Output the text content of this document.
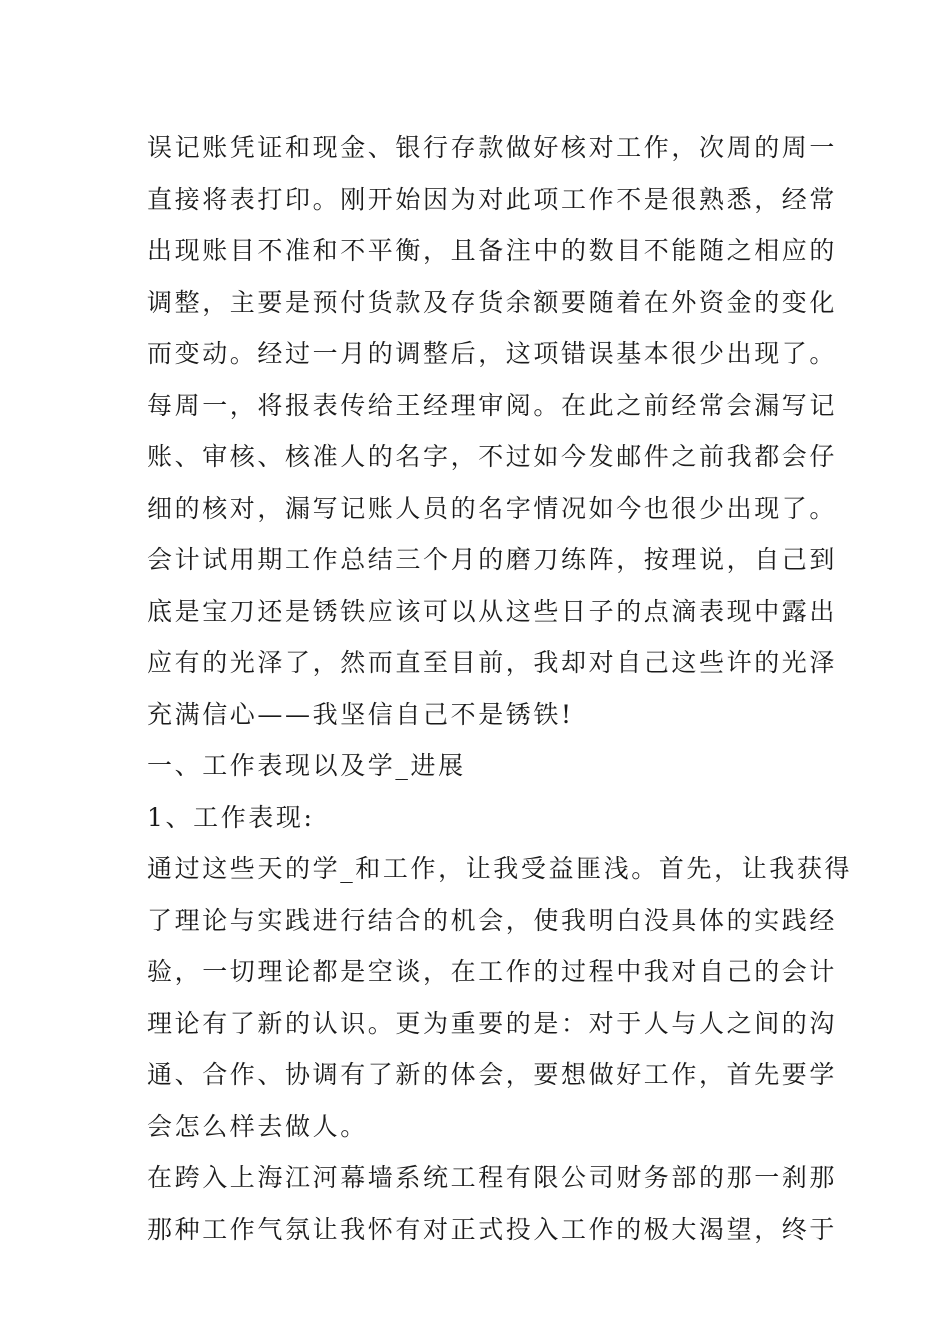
误记账凭证和现金、银行存款做好核对工作，次周的周一
直接将表打印。刚开始因为对此项工作不是很熟悉，经常
出现账目不准和不平衡，且备注中的数目不能随之相应的
调整，主要是预付货款及存货余额要随着在外资金的变化
而变动。经过一月的调整后，这项错误基本很少出现了。
每周一，将报表传给王经理审阅。在此之前经常会漏写记
账、审核、核准人的名字，不过如今发邮件之前我都会仔
细的核对，漏写记账人员的名字情况如今也很少出现了。
会计试用期工作总结三个月的磨刀练阵，按理说，自己到
底是宝刀还是锈铁应该可以从这些日子的点滴表现中露出
应有的光泽了，然而直至目前，我却对自己这些许的光泽
充满信心——我坚信自己不是锈铁!
一、工作表现以及学_进展
1、工作表现:
通过这些天的学_和工作，让我受益匪浅。首先，让我获得
了理论与实践进行结合的机会，使我明白没具体的实践经
验，一切理论都是空谈，在工作的过程中我对自己的会计
理论有了新的认识。更为重要的是：对于人与人之间的沟
通、合作、协调有了新的体会，要想做好工作，首先要学
会怎么样去做人。
在跨入上海江河幕墙系统工程有限公司财务部的那一刹那
那种工作气氛让我怀有对正式投入工作的极大渴望，终于
